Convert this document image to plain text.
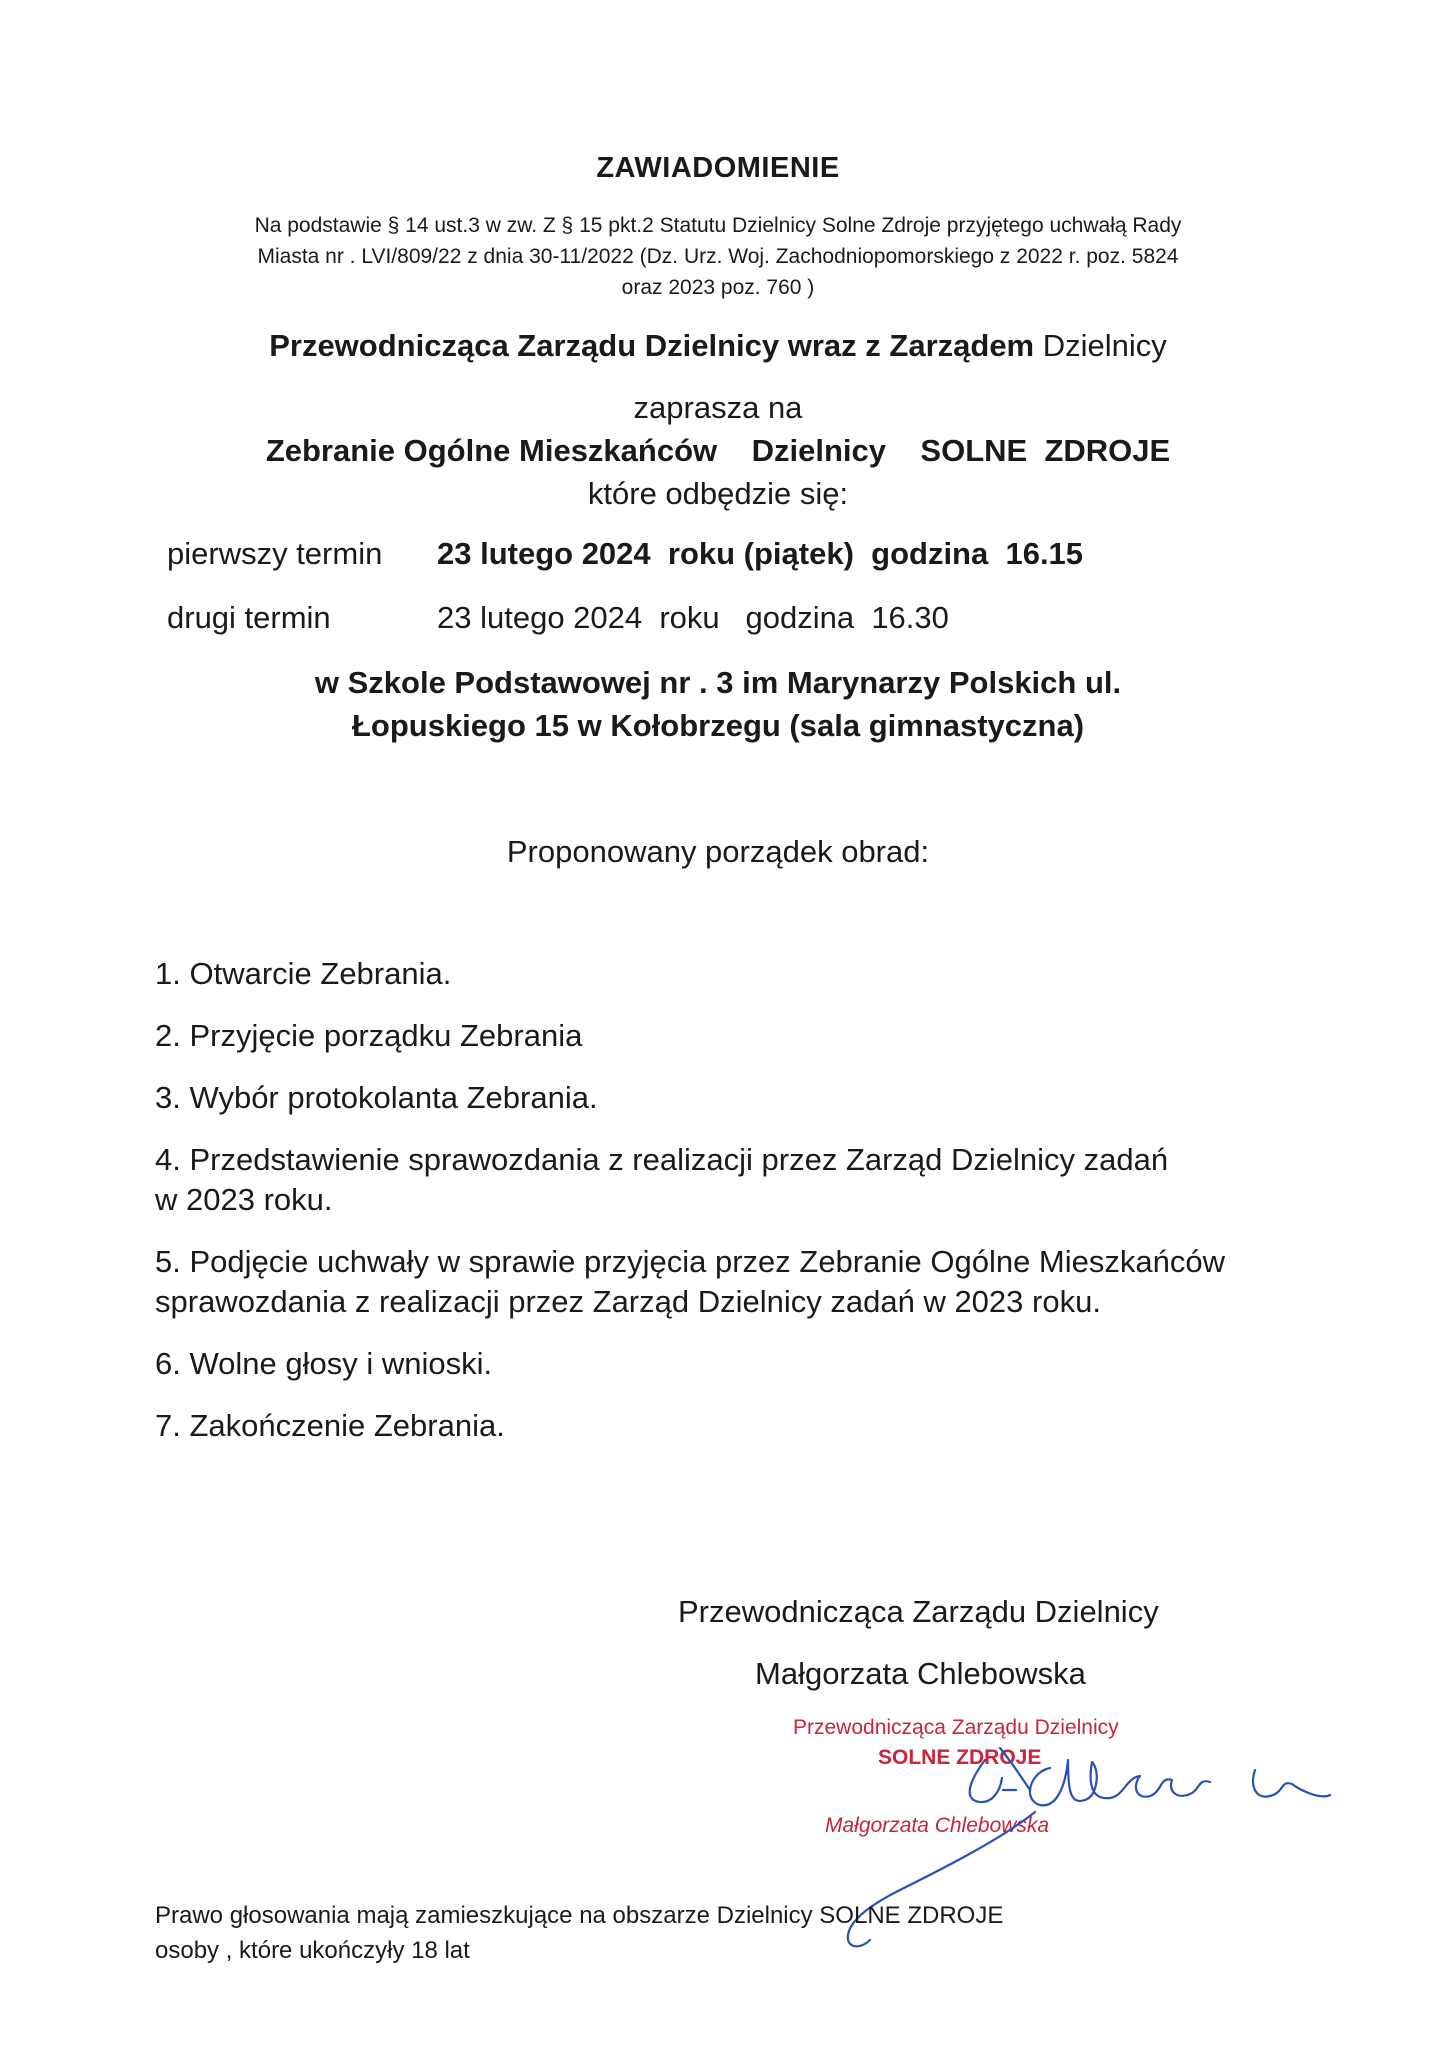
ZAWIADOMIENIE
Na podstawie § 14 ust.3 w zw. Z § 15 pkt.2 Statutu Dzielnicy Solne Zdroje przyjętego uchwałą Rady
Miasta nr . LVI/809/22 z dnia 30-11/2022 (Dz. Urz. Woj. Zachodniopomorskiego z 2022 r. poz. 5824
oraz 2023 poz. 760 )
Przewodnicząca Zarządu Dzielnicy wraz z Zarządem Dzielnicy
zaprasza na
Zebranie Ogólne Mieszkańców    Dzielnicy    SOLNE  ZDROJE
które odbędzie się:
pierwszy termin 23 lutego 2024  roku (piątek)  godzina  16.15
drugi termin	23 lutego 2024  roku   godzina  16.30
w Szkole Podstawowej nr . 3 im Marynarzy Polskich ul.
Łopuskiego 15 w Kołobrzegu (sala gimnastyczna)
Proponowany porządek obrad:
1. Otwarcie Zebrania.
2. Przyjęcie porządku Zebrania
3. Wybór protokolanta Zebrania.
4. Przedstawienie sprawozdania z realizacji przez Zarząd Dzielnicy zadań w 2023 roku.
5. Podjęcie uchwały w sprawie przyjęcia przez Zebranie Ogólne Mieszkańców sprawozdania z realizacji przez Zarząd Dzielnicy zadań w 2023 roku.
6. Wolne głosy i wnioski.
7. Zakończenie Zebrania.
Przewodnicząca Zarządu Dzielnicy
Małgorzata Chlebowska
Przewodnicząca Zarządu Dzielnicy
SOLNE ZDROJE
Małgorzata Chlebowska
Prawo głosowania mają zamieszkujące na obszarze Dzielnicy SOLNE ZDROJE
osoby , które ukończyły 18 lat
